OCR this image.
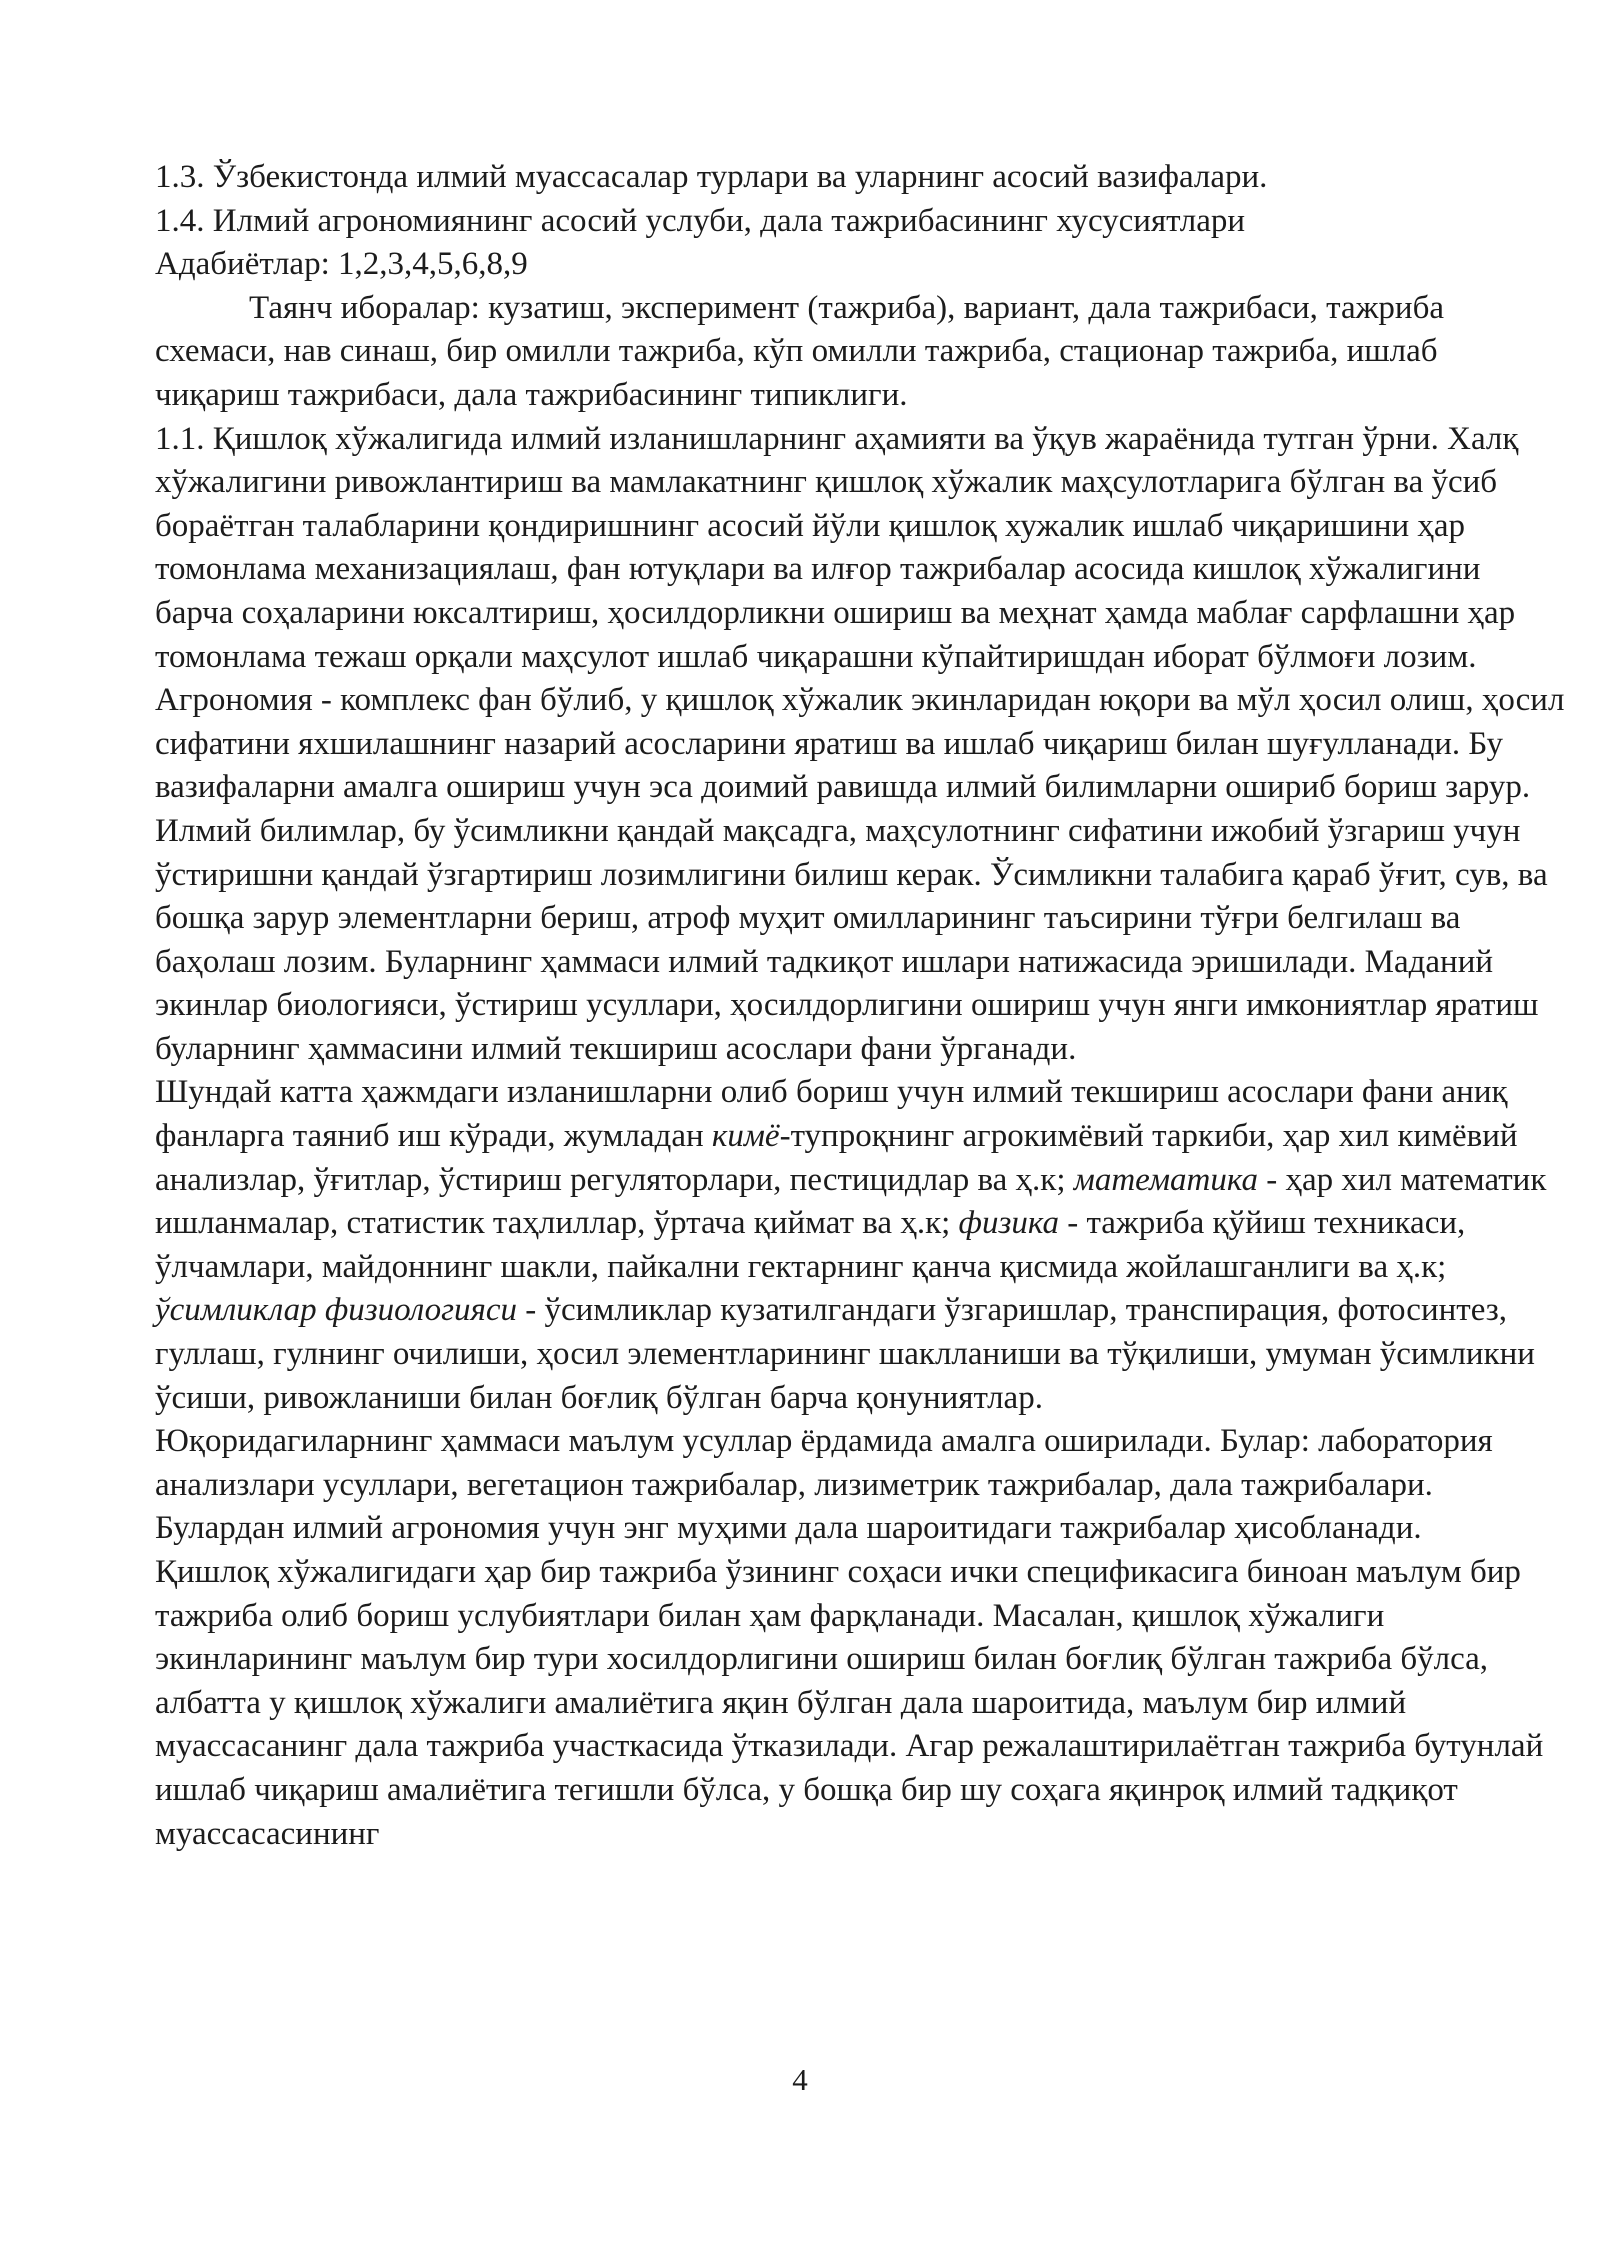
1.3. Ўзбекистонда илмий муассасалар турлари ва уларнинг асосий вазифалари.

1.4. Илмий агрономиянинг асосий услуби, дала тажрибасининг хусусиятлари

Адабиётлар: 1,2,3,4,5,6,8,9

Таянч иборалар: кузатиш, эксперимент (тажриба), вариант, дала тажрибаси, тажриба схемаси, нав синаш, бир омилли тажриба, кўп омилли тажриба, стационар тажриба, ишлаб чиқариш тажрибаси, дала тажрибасининг типиклиги.

1.1. Қишлоқ хўжалигида илмий изланишларнинг аҳамияти ва ўқув жараёнида тутган ўрни. Халқ хўжалигини ривожлантириш ва мамлакатнинг қишлоқ хўжалик маҳсулотларига бўлган ва ўсиб бораётган талабларини қондиришнинг асосий йўли қишлоқ хужалик ишлаб чиқаришини ҳар томонлама механизациялаш, фан ютуқлари ва илғор тажрибалар асосида кишлоқ хўжалигини барча соҳаларини юксалтириш, ҳосилдорликни ошириш ва меҳнат ҳамда маблағ сарфлашни ҳар томонлама тежаш орқали маҳсулот ишлаб чиқарашни кўпайтиришдан иборат бўлмоғи лозим.

Агрономия - комплекс фан бўлиб, у қишлоқ хўжалик экинларидан юқори ва мўл ҳосил олиш, ҳосил сифатини яхшилашнинг назарий асосларини яратиш ва ишлаб чиқариш билан шуғулланади. Бу вазифаларни амалга ошириш учун эса доимий равишда илмий билимларни ошириб бориш зарур. Илмий билимлар, бу ўсимликни қандай мақсадга, маҳсулотнинг сифатини ижобий ўзгариш учун ўстиришни қандай ўзгартириш лозимлигини билиш керак. Ўсимликни талабига қараб ўғит, сув, ва бошқа зарур элементларни бериш, атроф муҳит омилларининг таъсирини тўғри белгилаш ва баҳолаш лозим. Буларнинг ҳаммаси илмий тадкиқот ишлари натижасида эришилади. Маданий экинлар биологияси, ўстириш усуллари, ҳосилдорлигини ошириш учун янги имкониятлар яратиш буларнинг ҳаммасини илмий текшириш асослари фани ўрганади.

Шундай катта ҳажмдаги изланишларни олиб бориш учун илмий текшириш асослари фани аниқ фанларга таяниб иш кўради, жумладан кимё-тупроқнинг агрокимёвий таркиби, ҳар хил кимёвий анализлар, ўғитлар, ўстириш регуляторлари, пестицидлар ва ҳ.к; математика - ҳар хил математик ишланмалар, статистик таҳлиллар, ўртача қиймат ва ҳ.к; физика - тажриба қўйиш техникаси, ўлчамлари, майдоннинг шакли, пайкални гектарнинг қанча қисмида жойлашганлиги ва ҳ.к; ўсимликлар физиологияси - ўсимликлар кузатилгандаги ўзгаришлар, транспирация, фотосинтез, гуллаш, гулнинг очилиши, ҳосил элементларининг шаклланиши ва тўқилиши, умуман ўсимликни ўсиши, ривожланиши билан боғлиқ бўлган барча қонуниятлар.

Юқоридагиларнинг ҳаммаси маълум усуллар ёрдамида амалга оширилади. Булар: лаборатория анализлари усуллари, вегетацион тажрибалар, лизиметрик тажрибалар, дала тажрибалари. Булардан илмий агрономия учун энг муҳими дала шароитидаги тажрибалар ҳисобланади.

Қишлоқ хўжалигидаги ҳар бир тажриба ўзининг соҳаси ички спецификасига биноан маълум бир тажриба олиб бориш услубиятлари билан ҳам фарқланади. Масалан, қишлоқ хўжалиги экинларининг маълум бир тури хосилдорлигини ошириш билан боғлиқ бўлган тажриба бўлса, албатта у қишлоқ хўжалиги амалиётига яқин бўлган дала шароитида, маълум бир илмий муассасанинг дала тажриба участкасида ўтказилади. Агар режалаштирилаётган тажриба бутунлай ишлаб чиқариш амалиётига тегишли бўлса, у бошқа бир шу соҳага яқинроқ илмий тадқиқот муассасасининг

4
